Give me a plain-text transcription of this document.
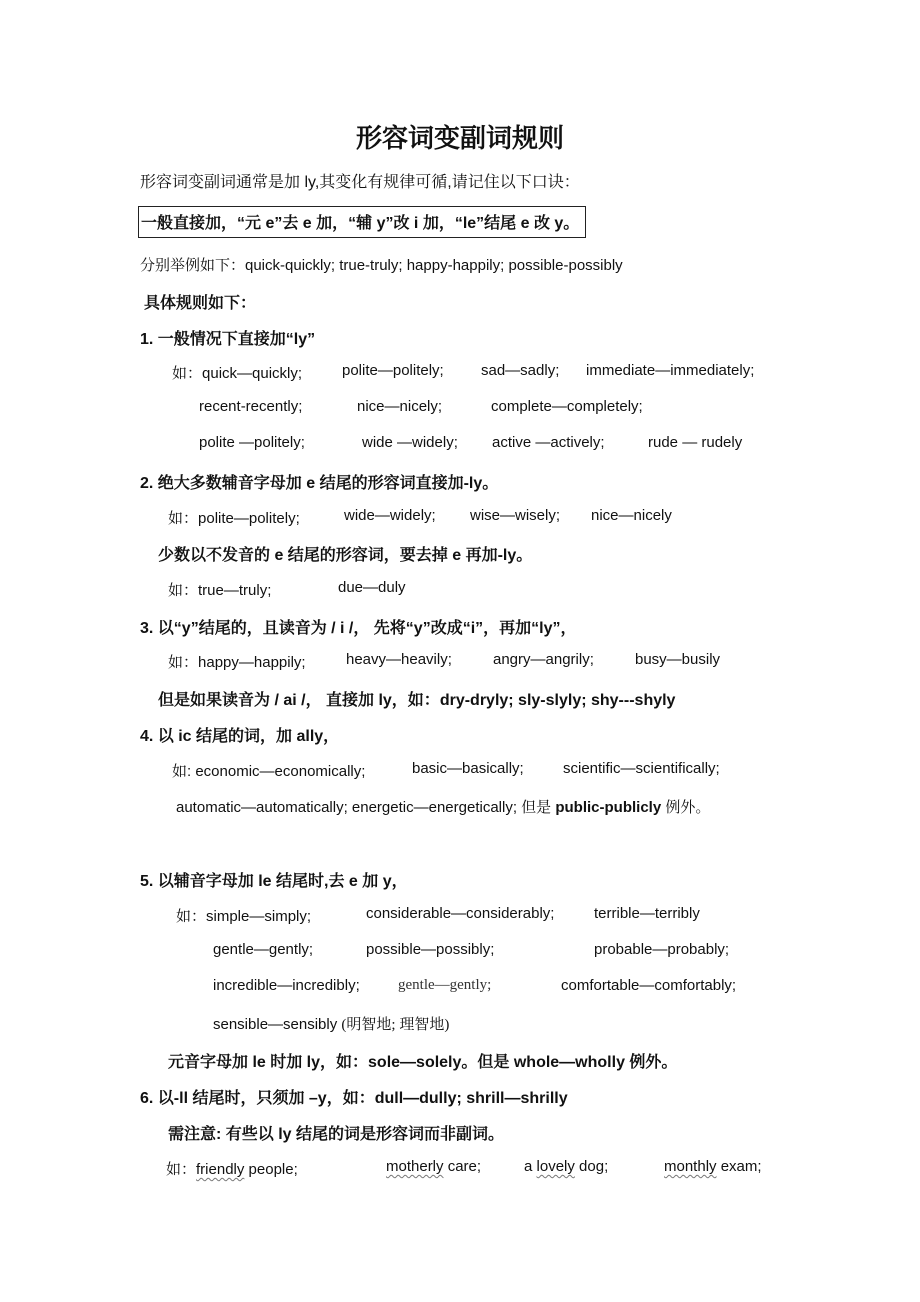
形容词变副词规则
形容词变副词通常是加 ly,其变化有规律可循,请记住以下口诀：
一般直接加，“元 e”去 e 加，“辅 y”改 i 加，“le”结尾 e 改 y。
分别举例如下：quick-quickly; true-truly; happy-happily; possible-possibly
具体规则如下：
1. 一般情况下直接加“ly”
如：quick—quickly;	polite—politely; sad—sadly; immediate—immediately;
recent-recently;	nice—nicely;	complete—completely;
polite —politely;	wide —widely; active —actively;	rude — rudely
2. 绝大多数辅音字母加 e 结尾的形容词直接加-ly。
如：polite—politely;	wide—widely; wise—wisely; nice—nicely
少数以不发音的 e 结尾的形容词，要去掉 e 再加-ly。
如：true—truly;	due—duly
3. 以“y”结尾的，且读音为 / i /， 先将“y”改成“i”，再加“ly”，
如：happy—happily;	heavy—heavily;	angry—angrily;	busy—busily
但是如果读音为 / ai /， 直接加 ly，如：dry-dryly; sly-slyly; shy---shyly
4. 以 ic 结尾的词，加 ally，
如: economic—economically;	basic—basically;	scientific—scientifically;
automatic—automatically; energetic—energetically; 但是 public-publicly 例外。
5. 以辅音字母加 le 结尾时,去 e 加 y，
如：simple—simply;	considerable—considerably;	terrible—terribly
gentle—gently;	possible—possibly;	probable—probably;
incredible—incredibly;	gentle—gently;	comfortable—comfortably;
sensible—sensibly (明智地; 理智地)
元音字母加 le 时加 ly，如：sole—solely。但是 whole—wholly 例外。
6. 以-ll 结尾时，只须加 –y，如：dull—dully; shrill—shrilly
需注意: 有些以 ly 结尾的词是形容词而非副词。
如：friendly people;	motherly care;	a lovely dog;	monthly exam;
